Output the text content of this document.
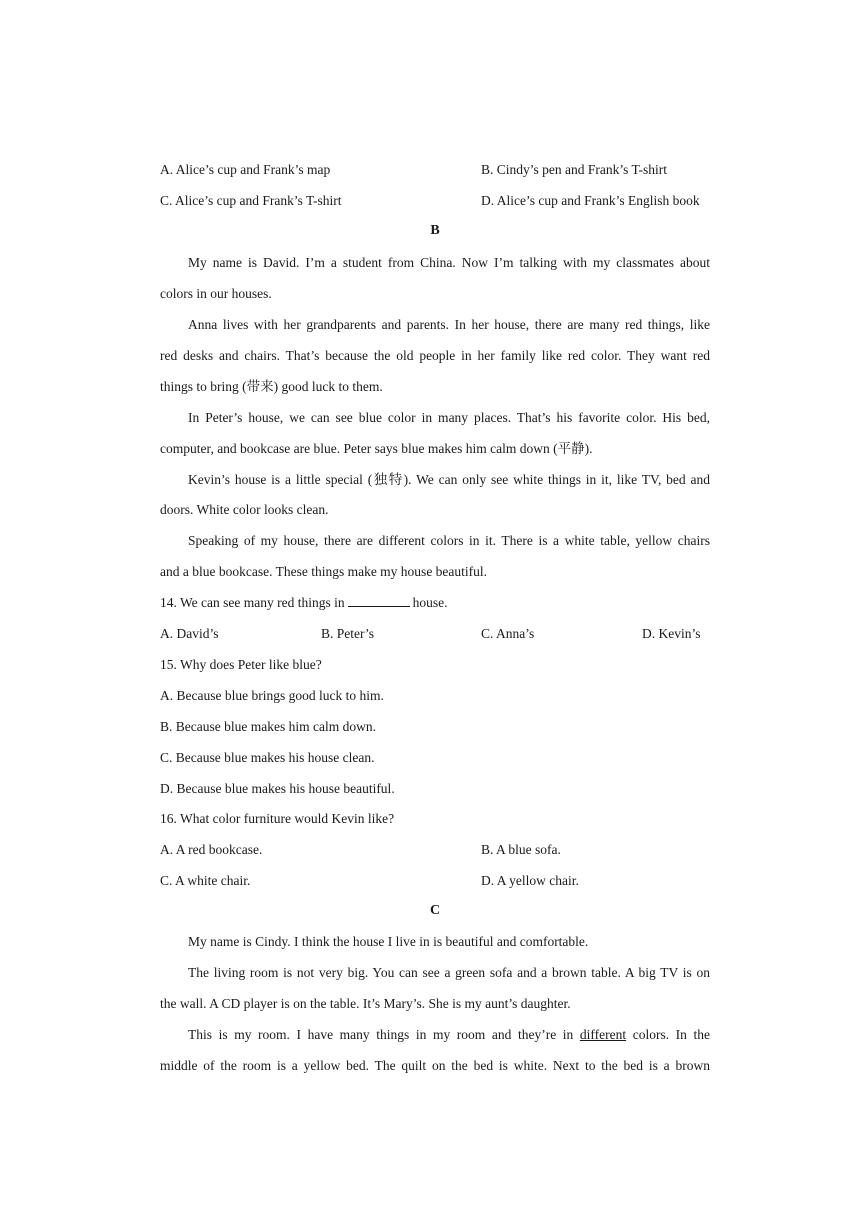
A. Alice’s cup and Frank’s map	B. Cindy’s pen and Frank’s T-shirt
C. Alice’s cup and Frank’s T-shirt	D. Alice’s cup and Frank’s English book
B
My name is David. I’m a student from China. Now I’m talking with my classmates about
colors in our houses.
Anna lives with her grandparents and parents. In her house, there are many red things, like
red desks and chairs. That’s because the old people in her family like red color. They want red
things to bring (带来) good luck to them.
In Peter’s house, we can see blue color in many places. That’s his favorite color. His bed,
computer, and bookcase are blue. Peter says blue makes him calm down (平静).
Kevin’s house is a little special (独特). We can only see white things in it, like TV, bed and
doors. White color looks clean.
Speaking of my house, there are different colors in it. There is a white table, yellow chairs
and a blue bookcase. These things make my house beautiful.
14. We can see many red things in	house.
A. David’s	B. Peter’s	C. Anna’s	D. Kevin’s
15. Why does Peter like blue?
A. Because blue brings good luck to him.
B. Because blue makes him calm down.
C. Because blue makes his house clean.
D. Because blue makes his house beautiful.
16. What color furniture would Kevin like?
A. A red bookcase.	B. A blue sofa.
C. A white chair.	D. A yellow chair.
C
My name is Cindy. I think the house I live in is beautiful and comfortable.
The living room is not very big. You can see a green sofa and a brown table. A big TV is on
the wall. A CD player is on the table. It’s Mary’s. She is my aunt’s daughter.
This is my room. I have many things in my room and they’re in different colors. In the
middle of the room is a yellow bed. The quilt on the bed is white. Next to the bed is a brown
